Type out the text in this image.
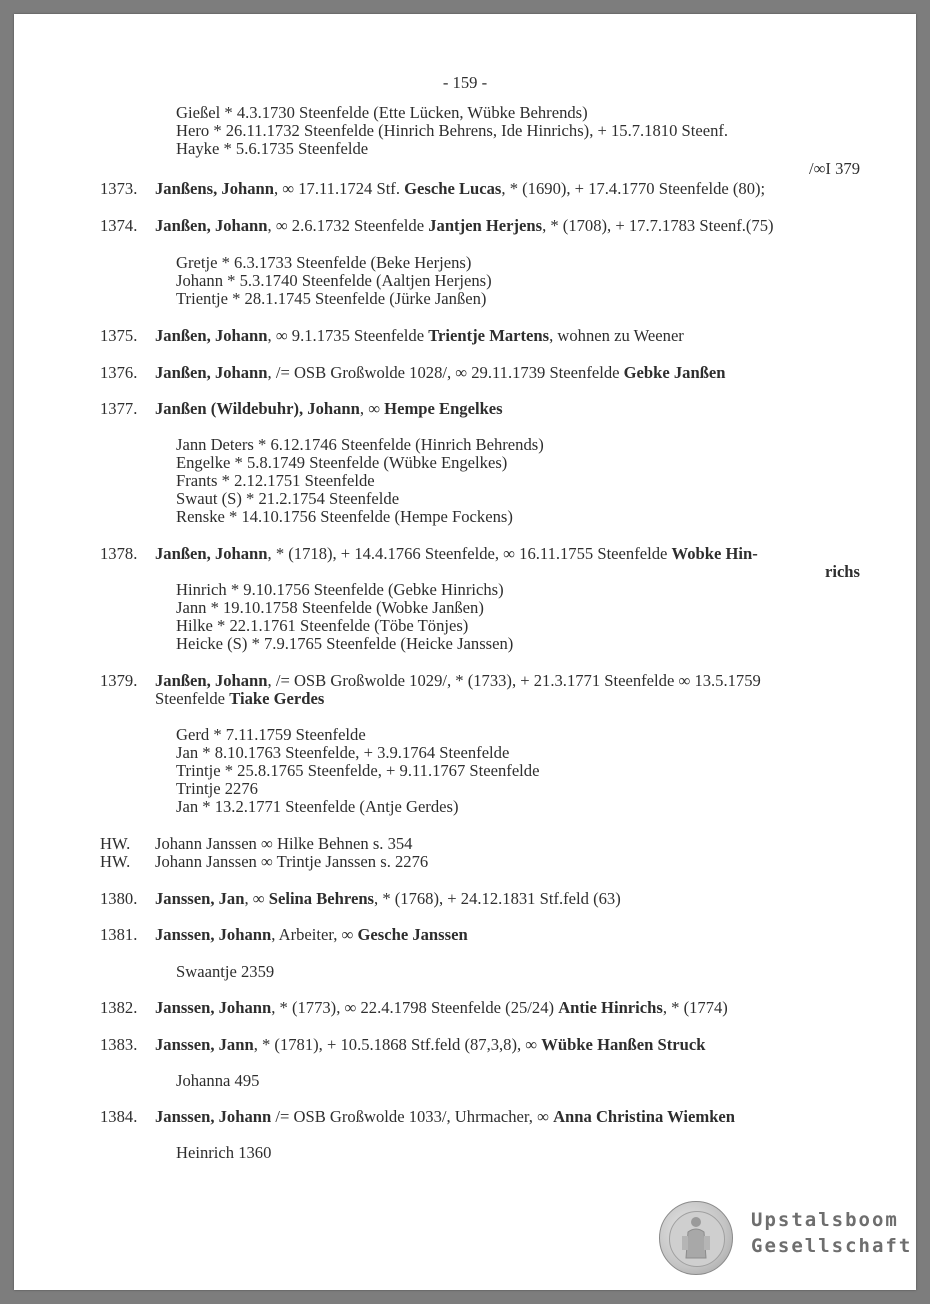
- 159 -
Gießel * 4.3.1730 Steenfelde (Ette Lücken, Wübke Behrends)
Hero * 26.11.1732 Steenfelde (Hinrich Behrens, Ide Hinrichs), + 15.7.1810 Steenf.
Hayke * 5.6.1735 Steenfelde
/∞I 379
1373. Janßens, Johann, ∞ 17.11.1724 Stf. Gesche Lucas, * (1690), + 17.4.1770 Steenfelde (80);
1374. Janßen, Johann, ∞ 2.6.1732 Steenfelde Jantjen Herjens, * (1708), + 17.7.1783 Steenf.(75)
Gretje * 6.3.1733 Steenfelde (Beke Herjens)
Johann * 5.3.1740 Steenfelde (Aaltjen Herjens)
Trientje * 28.1.1745 Steenfelde (Jürke Janßen)
1375. Janßen, Johann, ∞ 9.1.1735 Steenfelde Trientje Martens, wohnen zu Weener
1376. Janßen, Johann, /= OSB Großwolde 1028/, ∞ 29.11.1739 Steenfelde Gebke Janßen
1377. Janßen (Wildebuhr), Johann, ∞ Hempe Engelkes
Jann Deters * 6.12.1746 Steenfelde (Hinrich Behrends)
Engelke * 5.8.1749 Steenfelde (Wübke Engelkes)
Frants * 2.12.1751 Steenfelde
Swaut (S) * 21.2.1754 Steenfelde
Renske * 14.10.1756 Steenfelde (Hempe Fockens)
1378. Janßen, Johann, * (1718), + 14.4.1766 Steenfelde, ∞ 16.11.1755 Steenfelde Wobke Hin-
richs
Hinrich * 9.10.1756 Steenfelde (Gebke Hinrichs)
Jann * 19.10.1758 Steenfelde (Wobke Janßen)
Hilke * 22.1.1761 Steenfelde (Töbe Tönjes)
Heicke (S) * 7.9.1765 Steenfelde (Heicke Janssen)
1379. Janßen, Johann, /= OSB Großwolde 1029/, * (1733), + 21.3.1771 Steenfelde ∞ 13.5.1759
Steenfelde Tiake Gerdes
Gerd * 7.11.1759 Steenfelde
Jan * 8.10.1763 Steenfelde, + 3.9.1764 Steenfelde
Trintje * 25.8.1765 Steenfelde, + 9.11.1767 Steenfelde
Trintje 2276
Jan * 13.2.1771 Steenfelde (Antje Gerdes)
HW. Johann Janssen ∞ Hilke Behnen s. 354
HW. Johann Janssen ∞ Trintje Janssen s. 2276
1380. Janssen, Jan, ∞ Selina Behrens, * (1768), + 24.12.1831 Stf.feld (63)
1381. Janssen, Johann, Arbeiter, ∞ Gesche Janssen
Swaantje 2359
1382. Janssen, Johann, * (1773), ∞ 22.4.1798 Steenfelde (25/24) Antie Hinrichs, * (1774)
1383. Janssen, Jann, * (1781), + 10.5.1868 Stf.feld (87,3,8), ∞ Wübke Hanßen Struck
Johanna 495
1384. Janssen, Johann /= OSB Großwolde 1033/, Uhrmacher, ∞ Anna Christina Wiemken
Heinrich 1360
Upstalsboom
Gesellschaft
